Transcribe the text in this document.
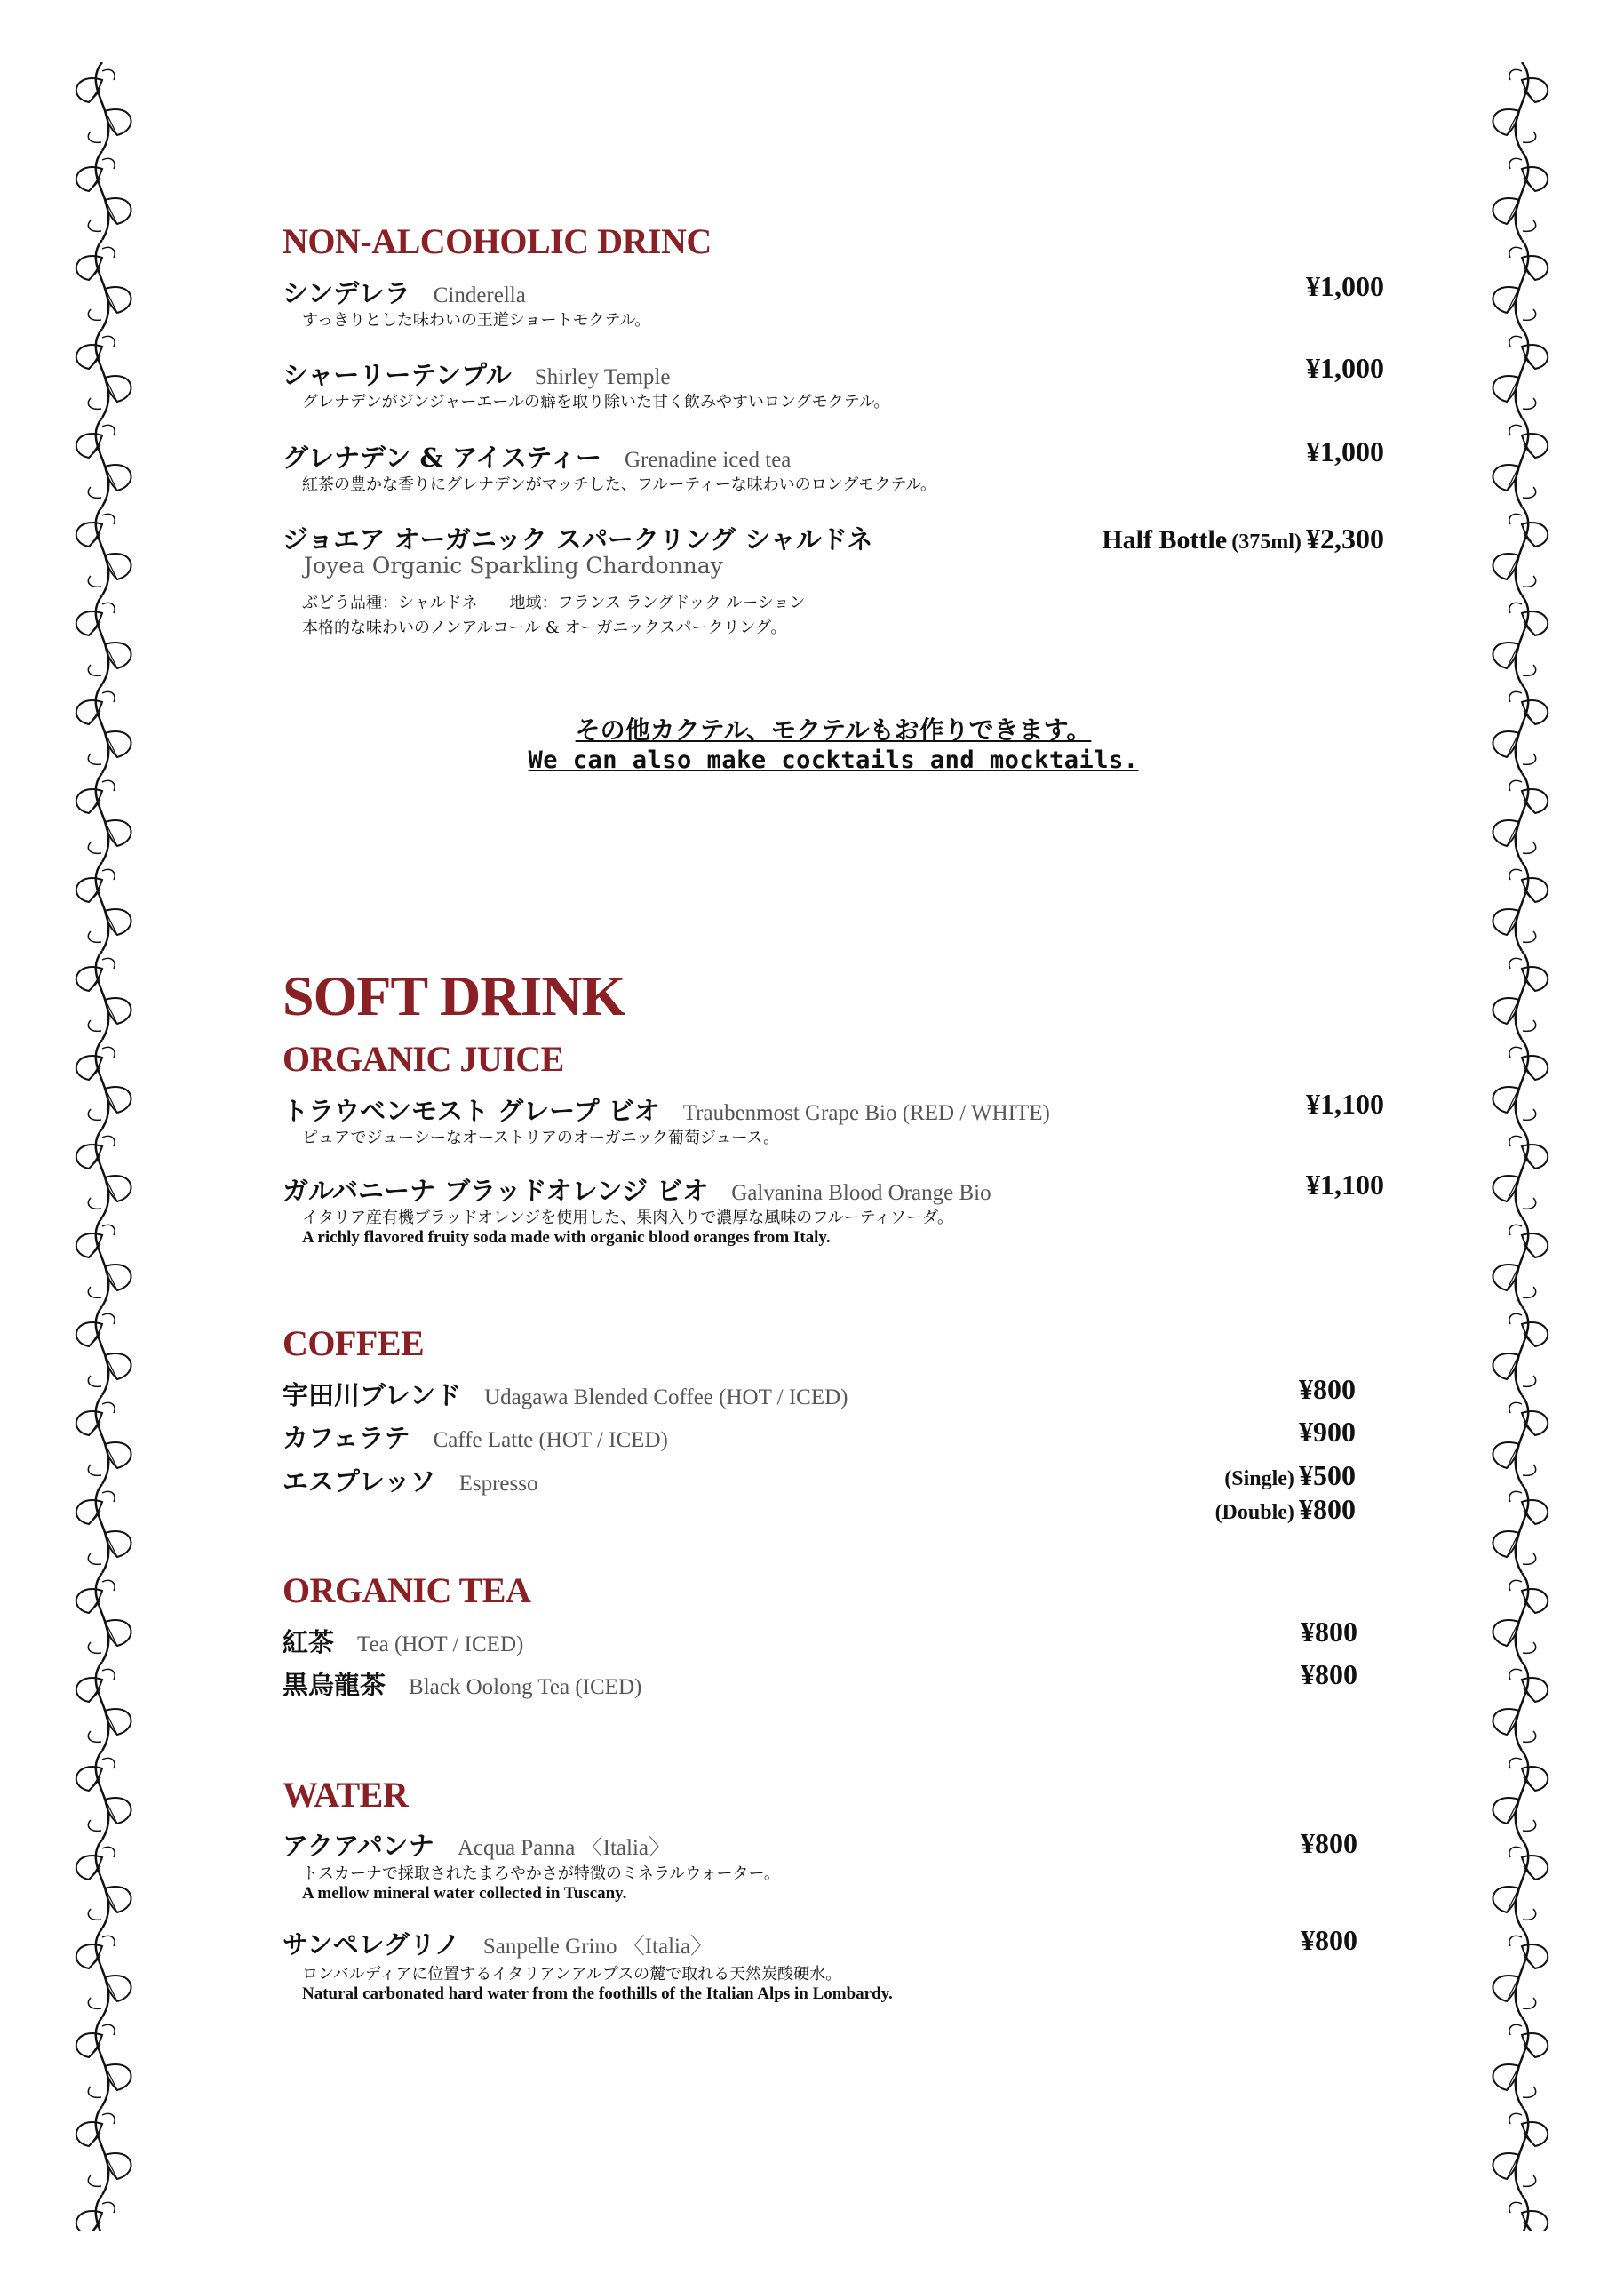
NON-ALCOHOLIC DRINC
シンデレラ Cinderella	¥1,000
すっきりとした味わいの王道ショートモクテル。
シャーリーテンプル Shirley Temple	¥1,000
グレナデンがジンジャーエールの癖を取り除いた甘く飲みやすいロングモクテル。
グレナデン & アイスティー Grenadine iced tea	¥1,000
紅茶の豊かな香りにグレナデンがマッチした、フルーティーな味わいのロングモクテル。
ジョエア オーガニック スパークリング シャルドネ
Joyea Organic Sparkling Chardonnay
Half Bottle (375ml) ¥2,300
ぶどう品種：シャルドネ　　地域：フランス ラングドック ルーション
本格的な味わいのノンアルコール & オーガニックスパークリング。
その他カクテル、モクテルもお作りできます。
We can also make cocktails and mocktails.
SOFT DRINK
ORGANIC JUICE
トラウベンモスト グレープ ビオ Traubenmost Grape Bio (RED / WHITE)	¥1,100
ピュアでジューシーなオーストリアのオーガニック葡萄ジュース。
ガルバニーナ ブラッドオレンジ ビオ Galvanina Blood Orange Bio	¥1,100
イタリア産有機ブラッドオレンジを使用した、果肉入りで濃厚な風味のフルーティソーダ。
A richly flavored fruity soda made with organic blood oranges from Italy.
COFFEE
宇田川ブレンド Udagawa Blended Coffee (HOT / ICED)	¥800
カフェラテ Caffe Latte (HOT / ICED)	¥900
エスプレッソ Espresso	(Single) ¥500
(Double) ¥800
ORGANIC TEA
紅茶 Tea (HOT / ICED)	¥800
黒烏龍茶 Black Oolong Tea (ICED)	¥800
WATER
アクアパンナ Acqua Panna 〈Italia〉	¥800
トスカーナで採取されたまろやかさが特徴のミネラルウォーター。
A mellow mineral water collected in Tuscany.
サンペレグリノ Sanpelle Grino 〈Italia〉	¥800
ロンバルディアに位置するイタリアンアルプスの麓で取れる天然炭酸硬水。
Natural carbonated hard water from the foothills of the Italian Alps in Lombardy.
